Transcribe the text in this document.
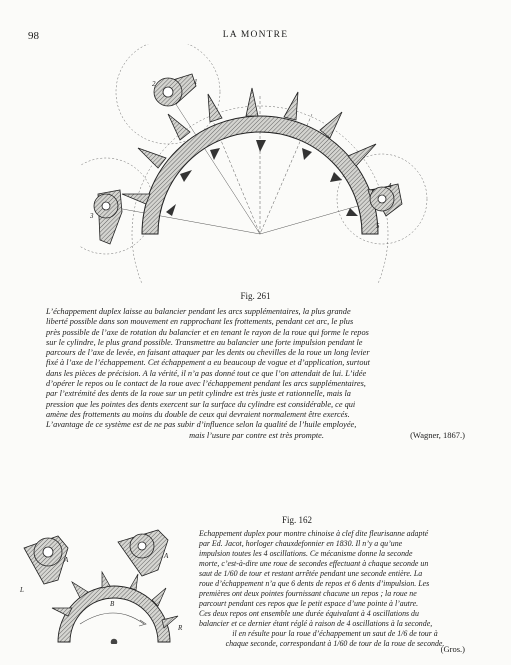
98	LA MONTRE
2	1
3
4
5
Fig. 261
L’échappement duplex laisse au balancier pendant les arcs supplémentaires, la plus grande
liberté possible dans son mouvement en rapprochant les frottements, pendant cet arc, le plus
près possible de l’axe de rotation du balancier et en tenant le rayon de la roue qui forme le repos
sur le cylindre, le plus grand possible. Transmettre au balancier une forte impulsion pendant le
parcours de l’axe de levée, en faisant attaquer par les dents ou chevilles de la roue un long levier
fixé à l’axe de l’échappement. Cet échappement a eu beaucoup de vogue et d’application, surtout
dans les pièces de précision. A la vérité, il n’a pas donné tout ce que l’on attendait de lui. L’idée
d’opérer le repos ou le contact de la roue avec l’échappement pendant les arcs supplémentaires,
par l’extrémité des dents de la roue sur un petit cylindre est très juste et rationnelle, mais la
pression que les pointes des dents exercent sur la surface du cylindre est considérable, ce qui
amène des frottements au moins du double de ceux qui devraient normalement être exercés.
L’avantage de ce système est de ne pas subir d’influence selon la qualité de l’huile employée,
mais l’usure par contre est très prompte.	(Wagner, 1867.)
L
A
B
A
R
Fig. 162
Echappement duplex pour montre chinoise à clef dite fleurisanne adapté
par Ed. Jacot, horloger chauxdefonnier en 1830. Il n’y a qu’une
impulsion toutes les 4 oscillations. Ce mécanisme donne la seconde
morte, c’est-à-dire une roue de secondes effectuant à chaque seconde un
saut de 1/60 de tour et restant arrêtée pendant une seconde entière. La
roue d’échappement n’a que 6 dents de repos et 6 dents d’impulsion. Les
premières ont deux pointes fournissant chacune un repos ; la roue ne
parcourt pendant ces repos que le petit espace d’une pointe à l’autre.
Ces deux repos ont ensemble une durée équivalant à 4 oscillations du
balancier et ce dernier étant réglé à raison de 4 oscillations à la seconde,
il en résulte pour la roue d’échappement un saut de 1/6 de tour à
chaque seconde, correspondant à 1/60 de tour de la roue de seconde.
(Gros.)
